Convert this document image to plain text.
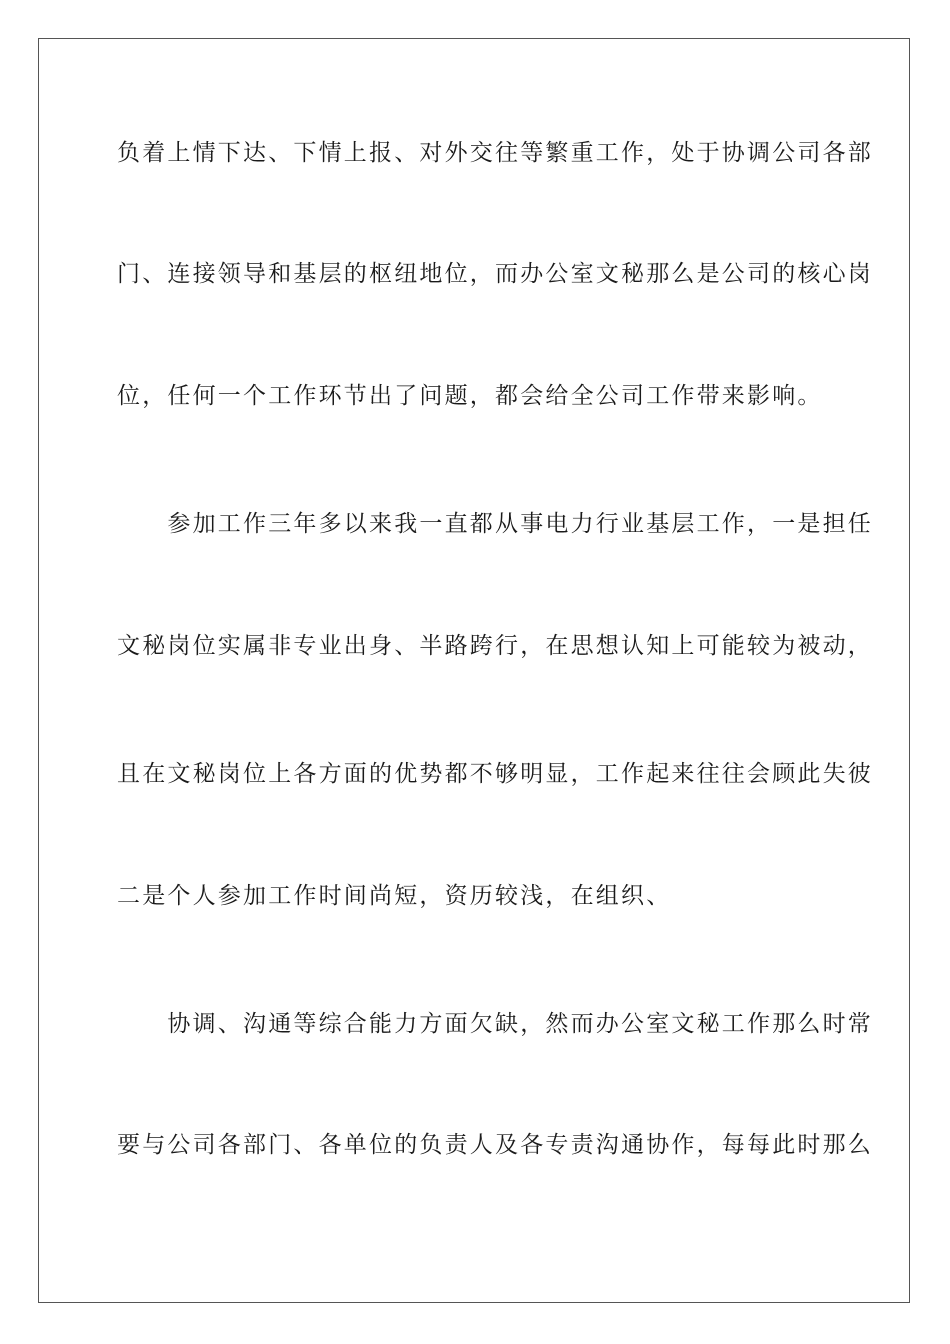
负着上情下达、下情上报、对外交往等繁重工作，处于协调公司各部
门、连接领导和基层的枢纽地位，而办公室文秘那么是公司的核心岗
位，任何一个工作环节出了问题，都会给全公司工作带来影响。
　　参加工作三年多以来我一直都从事电力行业基层工作，一是担任
文秘岗位实属非专业出身、半路跨行，在思想认知上可能较为被动，
且在文秘岗位上各方面的优势都不够明显，工作起来往往会顾此失彼
二是个人参加工作时间尚短，资历较浅，在组织、
　　协调、沟通等综合能力方面欠缺，然而办公室文秘工作那么时常
要与公司各部门、各单位的负责人及各专责沟通协作，每每此时那么
